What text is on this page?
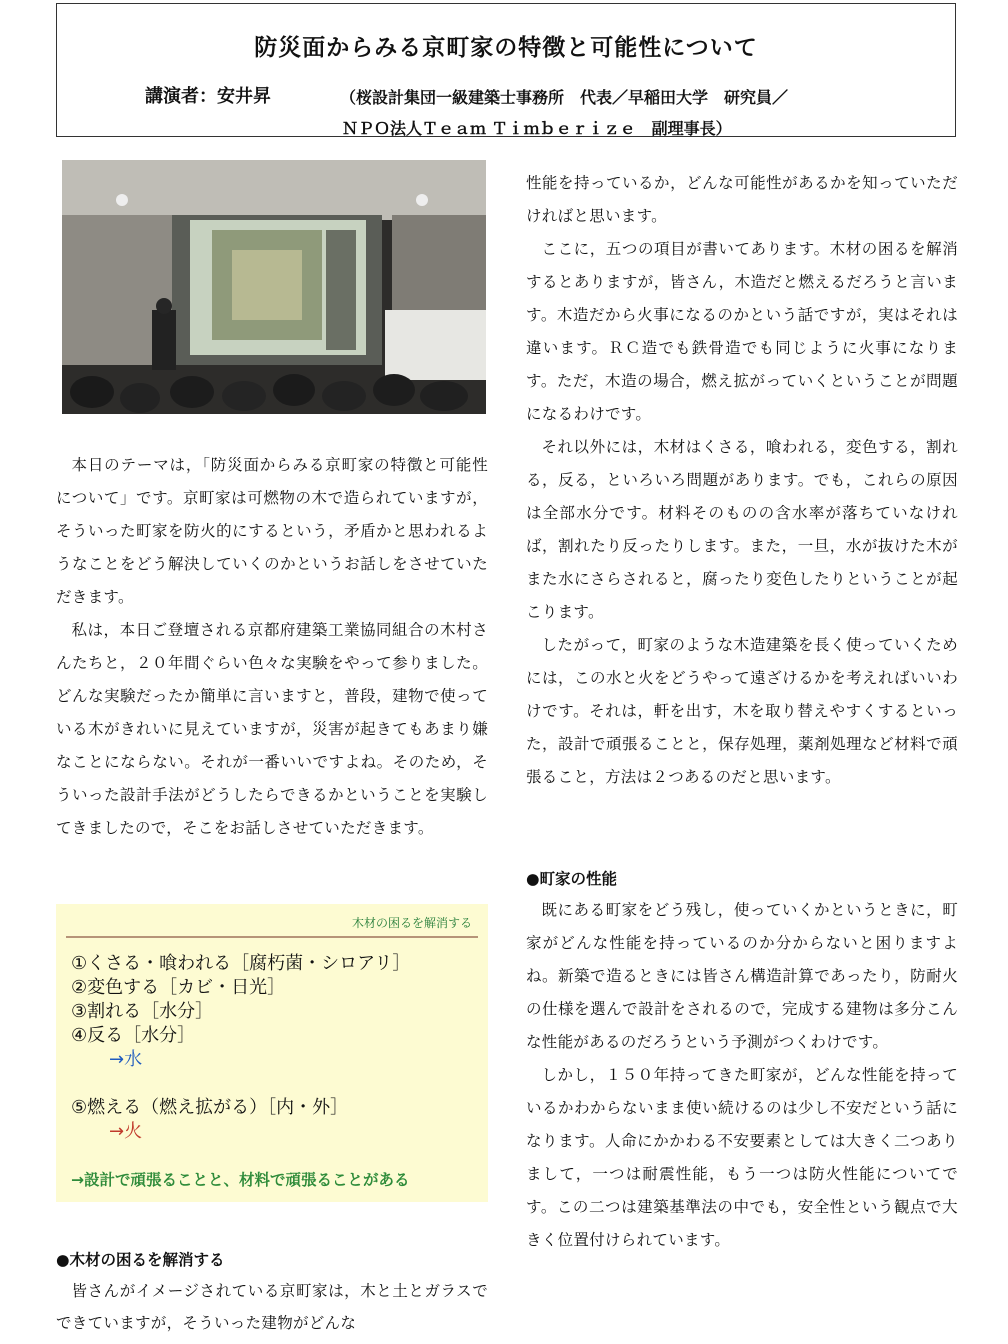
防災面からみる京町家の特徴と可能性について
講演者：安井昇	（桜設計集団一級建築士事務所　代表／早稲田大学　研究員／
ＮＰＯ法人Ｔｅａｍ Ｔｉｍｂｅｒｉｚｅ　副理事長）

本日のテーマは，「防災面からみる京町家の特徴と可能性について」です。京町家は可燃物の木で造られていますが，そういった町家を防火的にするという，矛盾かと思われるようなことをどう解決していくのかというお話しをさせていただきます。

私は，本日ご登壇される京都府建築工業協同組合の木村さんたちと，２０年間ぐらい色々な実験をやって参りました。どんな実験だったか簡単に言いますと，普段，建物で使っている木がきれいに見えていますが，災害が起きてもあまり嫌なことにならない。それが一番いいですよね。そのため，そういった設計手法がどうしたらできるかということを実験してきましたので，そこをお話しさせていただきます。

木材の困るを解消する
①くさる・喰われる［腐朽菌・シロアリ］
②変色する［カビ・日光］
③割れる［水分］
④反る［水分］
→水
⑤燃える（燃え拡がる）［内・外］
→火
→設計で頑張ることと、材料で頑張ることがある

●木材の困るを解消する

皆さんがイメージされている京町家は，木と土とガラスでできていますが，そういった建物がどんな

性能を持っているか，どんな可能性があるかを知っていただければと思います。

ここに，五つの項目が書いてあります。木材の困るを解消するとありますが，皆さん，木造だと燃えるだろうと言います。木造だから火事になるのかという話ですが，実はそれは違います。ＲＣ造でも鉄骨造でも同じように火事になります。ただ，木造の場合，燃え拡がっていくということが問題になるわけです。

それ以外には，木材はくさる，喰われる，変色する，割れる，反る，といろいろ問題があります。でも，これらの原因は全部水分です。材料そのものの含水率が落ちていなければ，割れたり反ったりします。また，一旦，水が抜けた木がまた水にさらされると，腐ったり変色したりということが起こります。

したがって，町家のような木造建築を長く使っていくためには，この水と火をどうやって遠ざけるかを考えればいいわけです。それは，軒を出す，木を取り替えやすくするといった，設計で頑張ることと，保存処理，薬剤処理など材料で頑張ること，方法は２つあるのだと思います。

●町家の性能

既にある町家をどう残し，使っていくかというときに，町家がどんな性能を持っているのか分からないと困りますよね。新築で造るときには皆さん構造計算であったり，防耐火の仕様を選んで設計をされるので，完成する建物は多分こんな性能があるのだろうという予測がつくわけです。

しかし，１５０年持ってきた町家が，どんな性能を持っているかわからないまま使い続けるのは少し不安だという話になります。人命にかかわる不安要素としては大きく二つありまして，一つは耐震性能，もう一つは防火性能についてです。この二つは建築基準法の中でも，安全性という観点で大きく位置付けられています。
